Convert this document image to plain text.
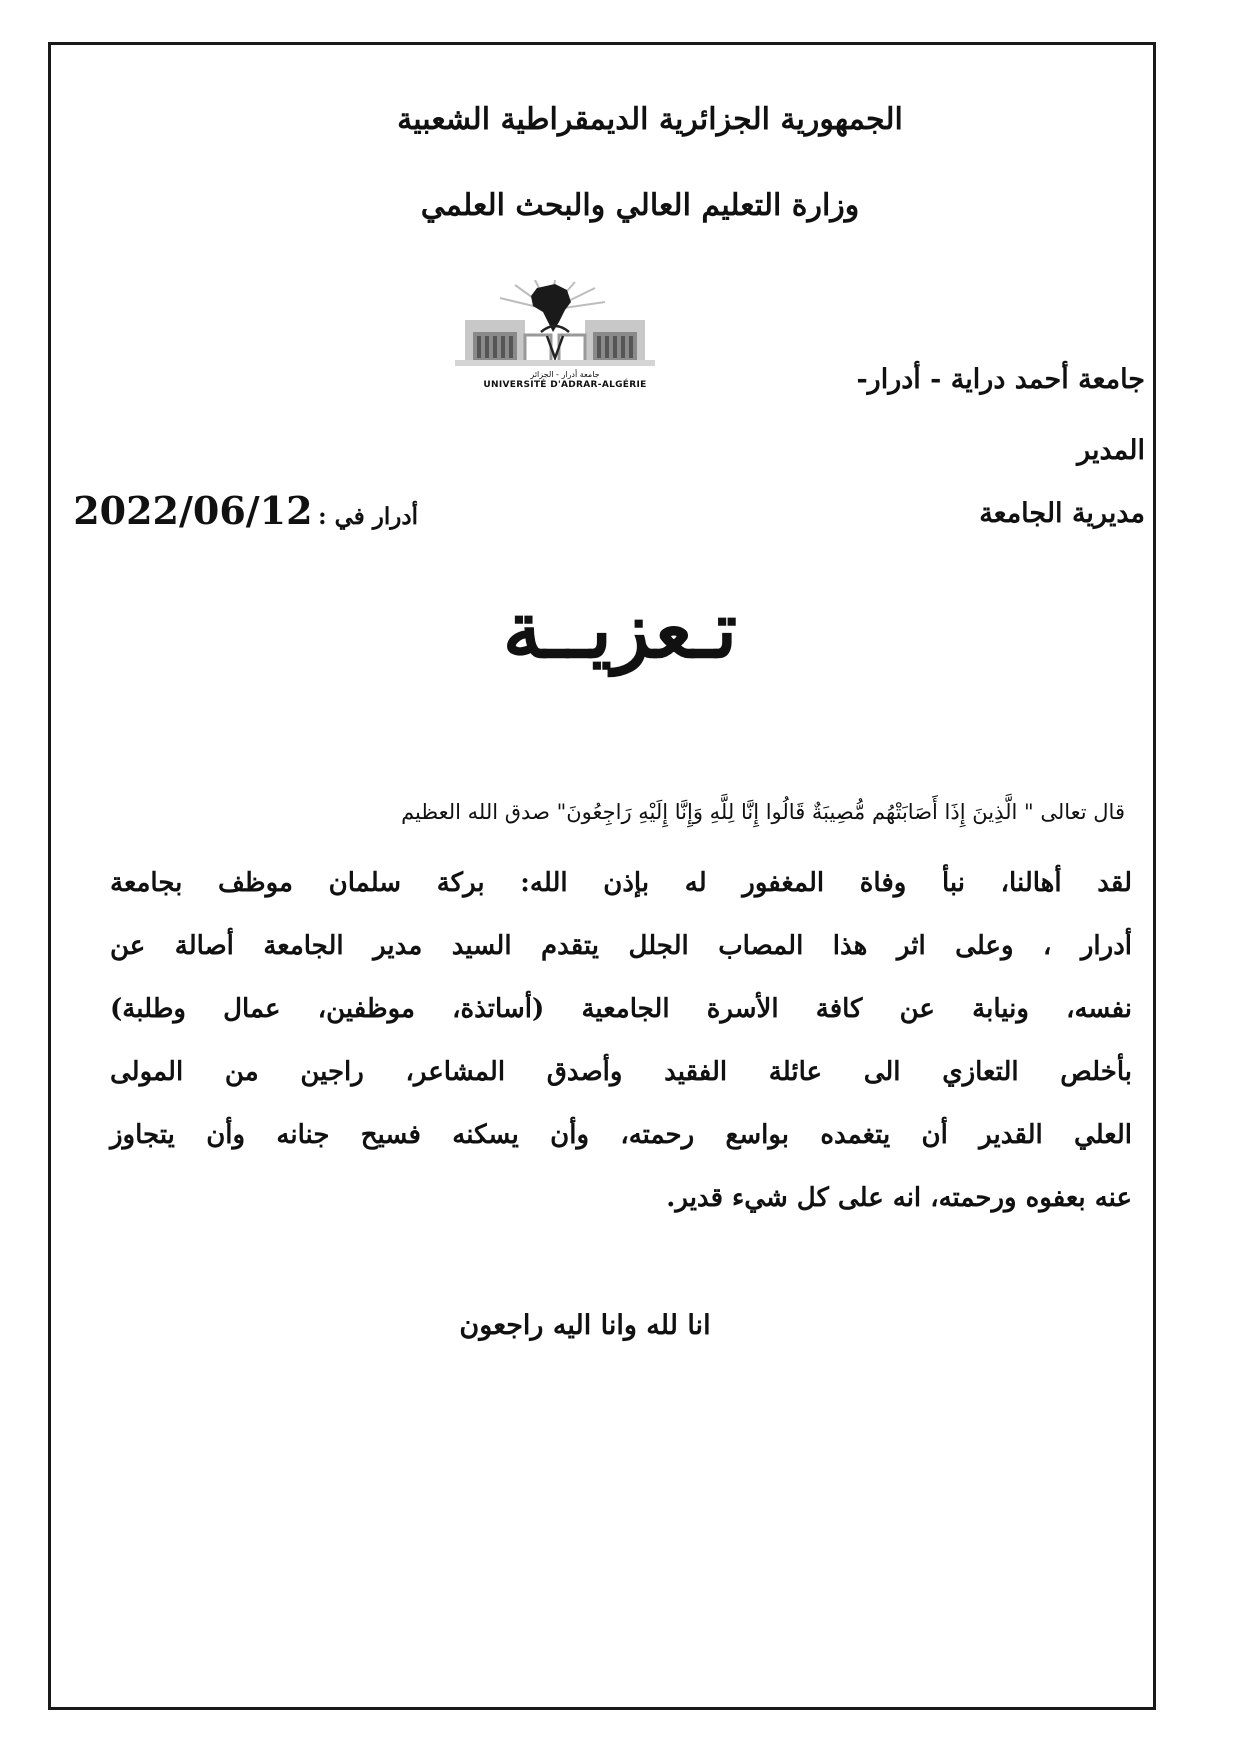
الجمهورية الجزائرية الديمقراطية الشعبية
وزارة التعليم العالي والبحث العلمي
جامعة أدرار - الجزائر
UNIVERSITÉ D'ADRAR-ALGÉRIE	جامعة أحمد دراية - أدرار-
المدير
مديرية الجامعة
أدرار في : 2022/06/12
تـعزيــة
قال تعالى " الَّذِينَ إِذَا أَصَابَتْهُم مُّصِيبَةٌ قَالُوا إِنَّا لِلَّهِ وَإِنَّا إِلَيْهِ رَاجِعُونَ" صدق الله العظيم
لقد أهالنا، نبأ وفاة المغفور له بإذن الله: بركة سلمان موظف بجامعة
أدرار ، وعلى اثر هذا المصاب الجلل يتقدم السيد مدير الجامعة أصالة عن
نفسه، ونيابة عن كافة الأسرة الجامعية (أساتذة، موظفين، عمال وطلبة)
بأخلص التعازي الى عائلة الفقيد وأصدق المشاعر، راجين من المولى
العلي القدير أن يتغمده بواسع رحمته، وأن يسكنه فسيح جنانه وأن يتجاوز
عنه بعفوه ورحمته، انه على كل شيء قدير.
انا لله وانا اليه راجعون
